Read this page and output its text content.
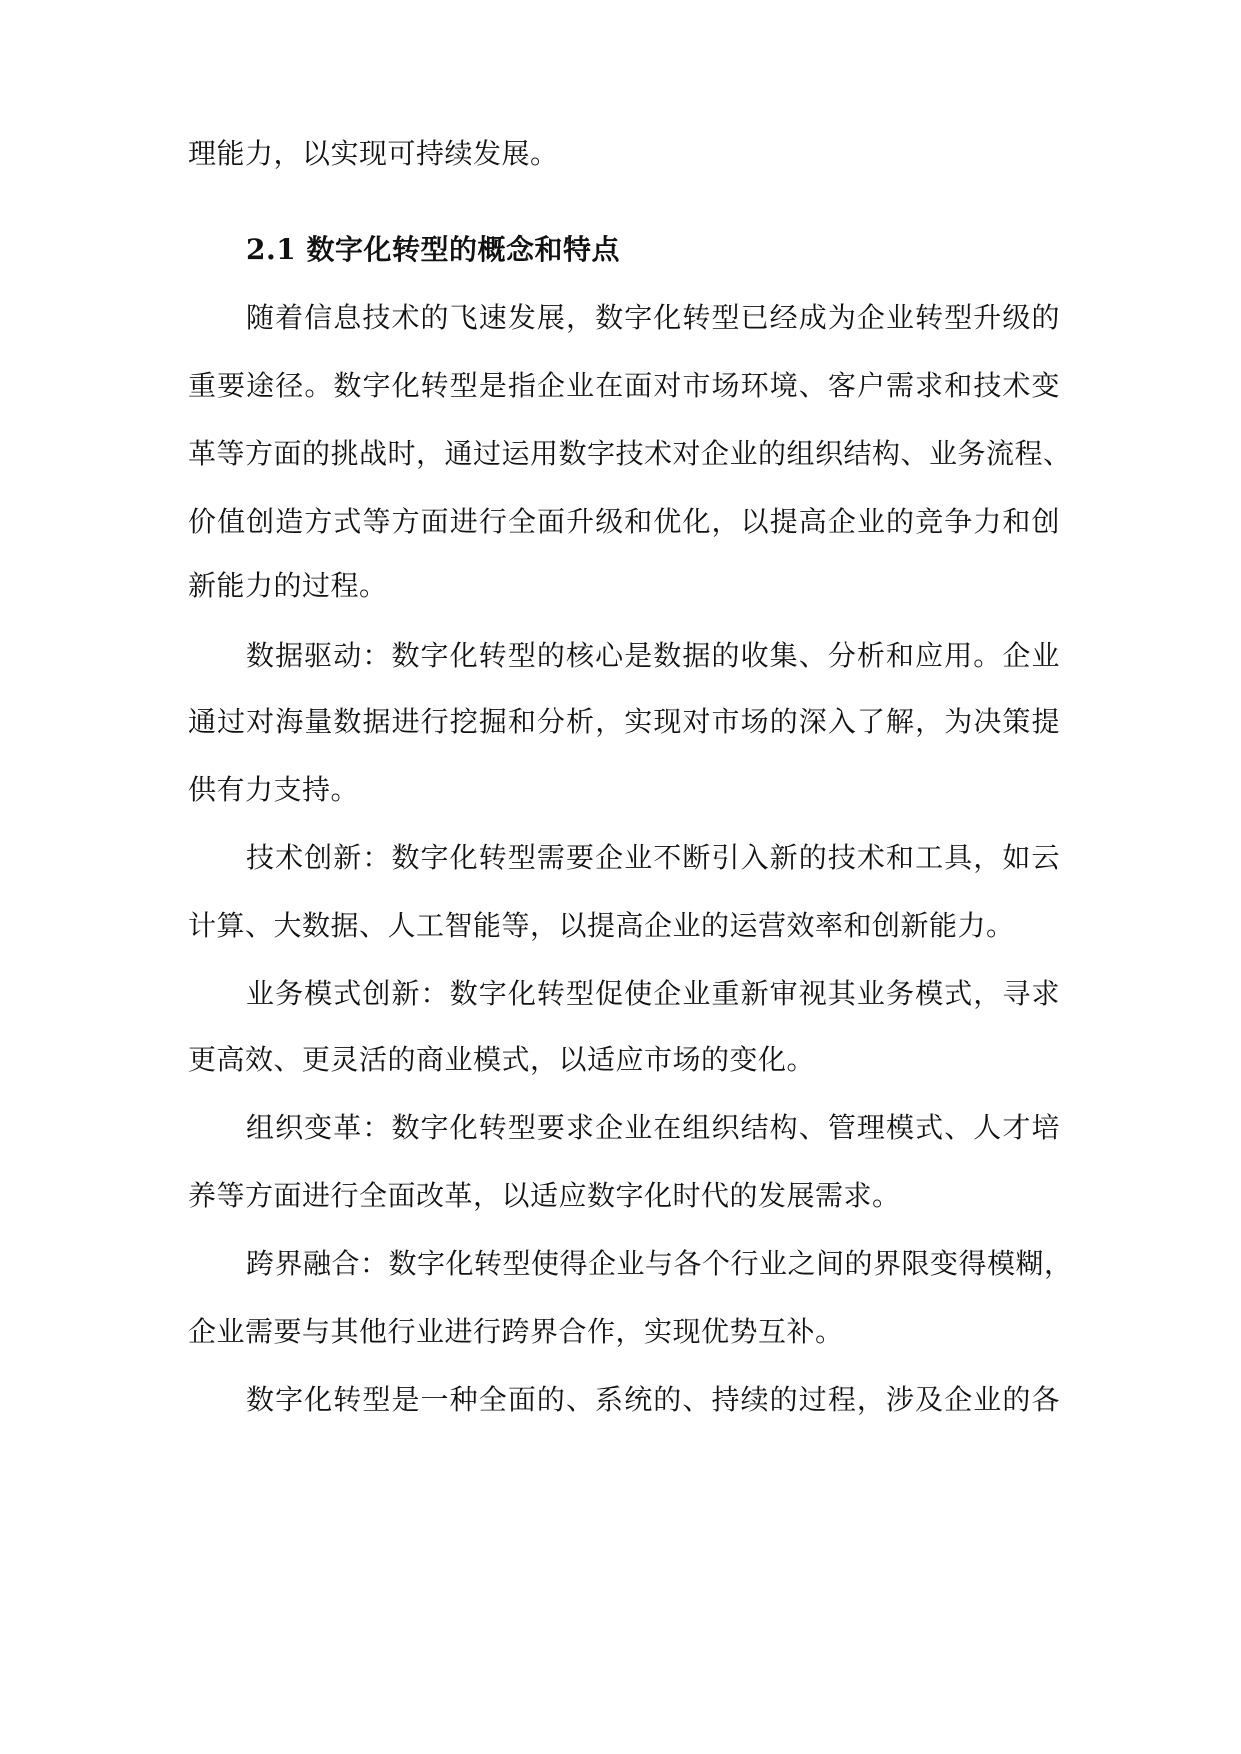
理能力，以实现可持续发展。
2.1 数字化转型的概念和特点
随着信息技术的飞速发展，数字化转型已经成为企业转型升级的
重要途径。数字化转型是指企业在面对市场环境、客户需求和技术变
革等方面的挑战时，通过运用数字技术对企业的组织结构、业务流程、
价值创造方式等方面进行全面升级和优化，以提高企业的竞争力和创
新能力的过程。
数据驱动：数字化转型的核心是数据的收集、分析和应用。企业
通过对海量数据进行挖掘和分析，实现对市场的深入了解，为决策提
供有力支持。
技术创新：数字化转型需要企业不断引入新的技术和工具，如云
计算、大数据、人工智能等，以提高企业的运营效率和创新能力。
业务模式创新：数字化转型促使企业重新审视其业务模式，寻求
更高效、更灵活的商业模式，以适应市场的变化。
组织变革：数字化转型要求企业在组织结构、管理模式、人才培
养等方面进行全面改革，以适应数字化时代的发展需求。
跨界融合：数字化转型使得企业与各个行业之间的界限变得模糊，
企业需要与其他行业进行跨界合作，实现优势互补。
数字化转型是一种全面的、系统的、持续的过程，涉及企业的各
